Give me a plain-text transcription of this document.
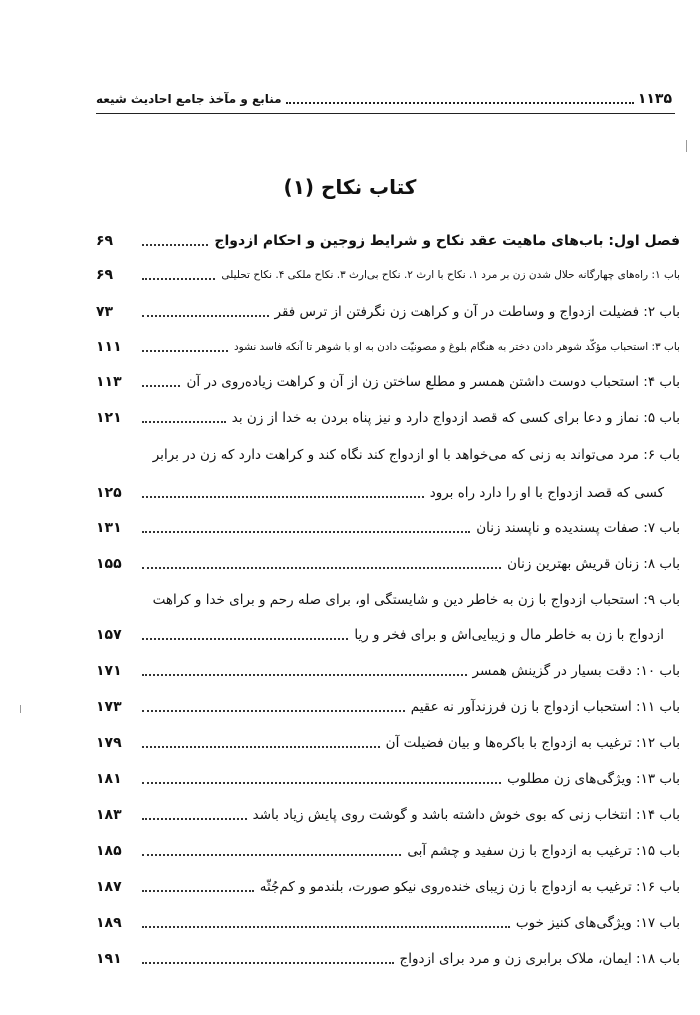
منابع و مآخذ جامع احادیث شیعه	۱۱۳۵
کتاب نکاح (۱)
۶۹	فصل اول: باب‌های ماهیت عقد نکاح و شرایط زوجین و احکام ازدواج
۶۹	باب ۱: راه‌های چهارگانه حلال شدن زن بر مرد ۱. نکاح با ارث ۲. نکاح بی‌ارث ۳. نکاح ملکی ۴. نکاح تحلیلی
۷۳	باب ۲: فضیلت ازدواج و وساطت در آن و کراهت زن نگرفتن از ترس فقر
۱۱۱	باب ۳: استحباب مؤکّد شوهر دادن دختر به هنگام بلوغ و مصونیّت دادن به او با شوهر تا آنکه فاسد نشود
۱۱۳	باب ۴: استحباب دوست داشتن همسر و مطلع ساختن زن از آن و کراهت زیاده‌روی در آن
۱۲۱	باب ۵: نماز و دعا برای کسی که قصد ازدواج دارد و نیز پناه بردن به خدا از زن بد
باب ۶: مرد می‌تواند به زنی که می‌خواهد با او ازدواج کند نگاه کند و کراهت دارد که زن در برابر
۱۲۵	کسی که قصد ازدواج با او را دارد راه برود
۱۳۱	باب ۷: صفات پسندیده و ناپسند زنان
۱۵۵	باب ۸: زنان قریش بهترین زنان
باب ۹: استحباب ازدواج با زن به خاطر دین و شایستگی او، برای صله رحم و برای خدا و کراهت
۱۵۷	ازدواج با زن به خاطر مال و زیبایی‌اش و برای فخر و ریا
۱۷۱	باب ۱۰: دقت بسیار در گزینش همسر
۱۷۳	باب ۱۱: استحباب ازدواج با زن فرزندآور نه عقیم
۱۷۹	باب ۱۲: ترغیب به ازدواج با باکره‌ها و بیان فضیلت آن
۱۸۱	باب ۱۳: ویژگی‌های زن مطلوب
۱۸۳	باب ۱۴: انتخاب زنی که بوی خوش داشته باشد و گوشت روی پایش زیاد باشد
۱۸۵	باب ۱۵: ترغیب به ازدواج با زن سفید و چشم آبی
۱۸۷	باب ۱۶: ترغیب به ازدواج با زن زیبای خنده‌روی نیکو صورت، بلندمو و کم‌جُثّه
۱۸۹	باب ۱۷: ویژگی‌های کنیز خوب
۱۹۱	باب ۱۸: ایمان، ملاک برابری زن و مرد برای ازدواج
